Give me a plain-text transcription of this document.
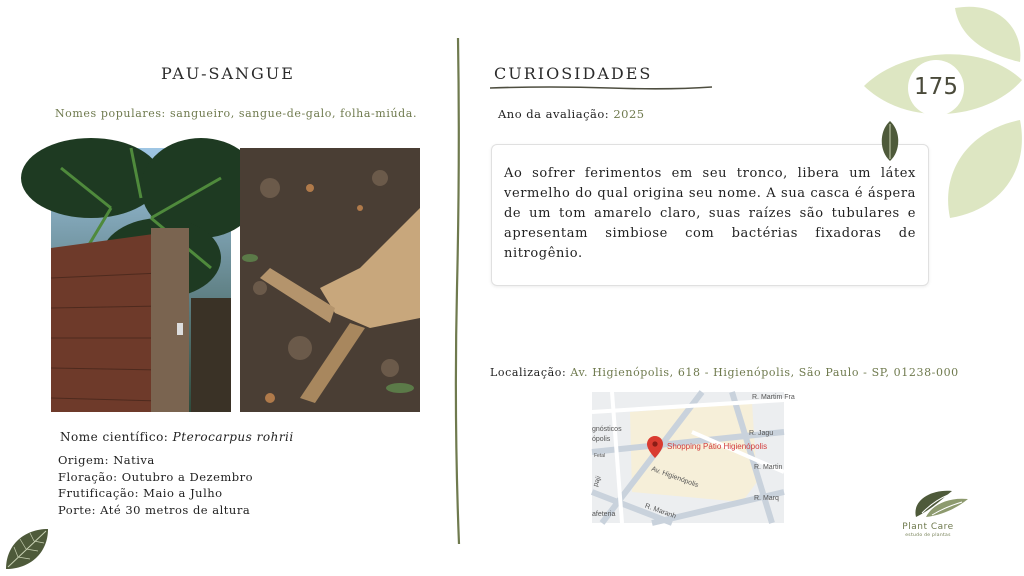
PAU-SANGUE
Nomes populares: sangueiro, sangue-de-galo, folha-miúda.
Nome científico: Pterocarpus rohrii
Origem: Nativa
Floração: Outubro a Dezembro
Frutificação: Maio a Julho
Porte: Até 30 metros de altura
CURIOSIDADES
Ano da avaliação: 2025
Ao sofrer ferimentos em seu tronco, libera um látex vermelho do qual origina seu nome. A sua casca é áspera de um tom amarelo claro, suas raízes são tubulares e apresentam simbiose com bactérias fixadoras de nitrogênio.
Localização: Av. Higienópolis, 618 - Higienópolis, São Paulo - SP, 01238-000
Shopping Pátio Higienópolis
R. Martim Fra
R. Jagu
R. Martin
Av. Higienópolis
R. Marq
R. Maranh
gnósticos
ópolis
afeteria
Fetal
paji
175
Plant Care
estudo de plantas
